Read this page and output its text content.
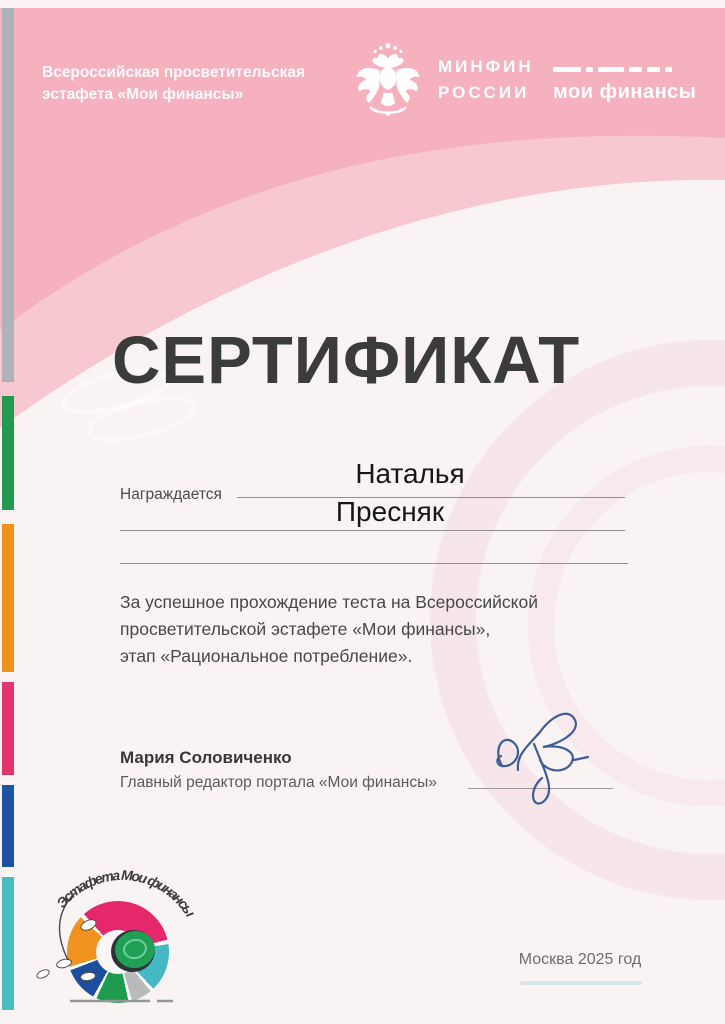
Всероссийская просветительская
эстафета «Мои финансы»
МИНФИН
РОССИИ мои финансы
СЕРТИФИКАТ
Награждается
Наталья
Пресняк
За успешное прохождение теста на Всероссийской
просветительской эстафете «Мои финансы»,
этап «Рациональное потребление».
Мария Соловиченко
Главный редактор портала «Мои финансы»
Москва 2025 год
Эстафета Мои финансы
